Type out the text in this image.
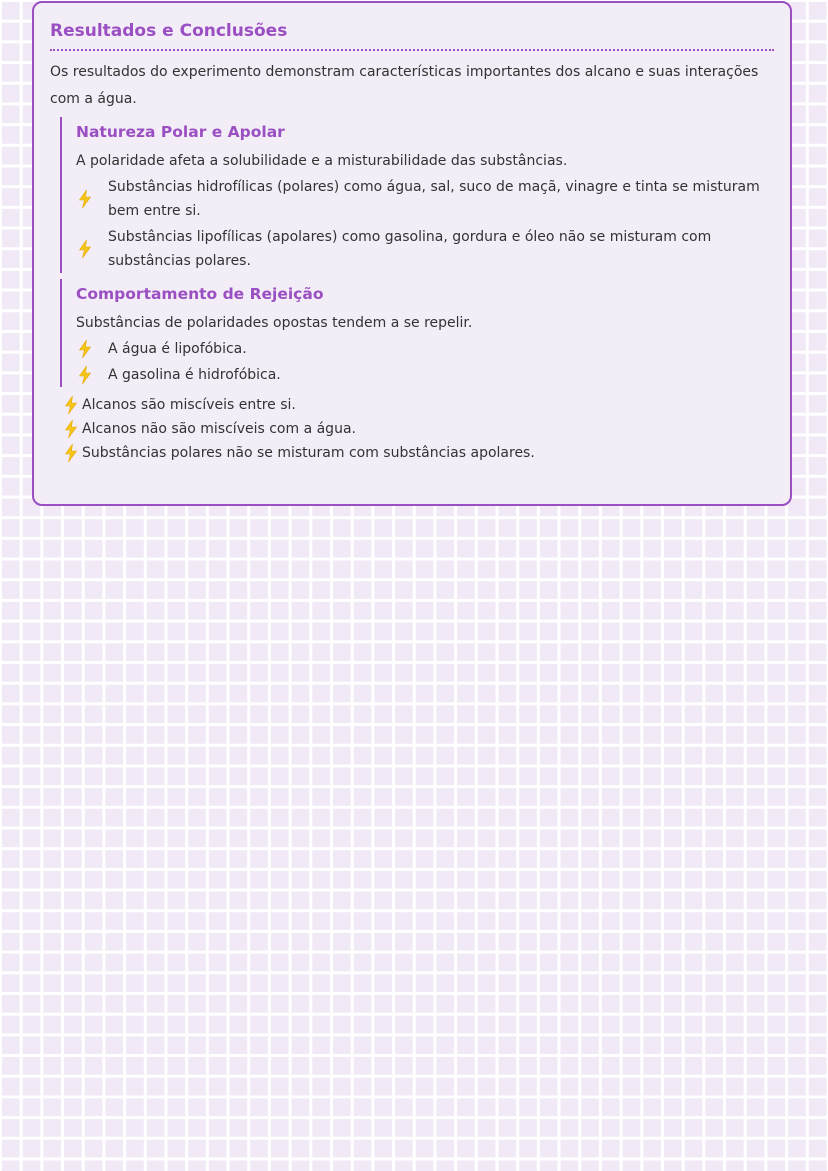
Resultados e Conclusões

Os resultados do experimento demonstram características importantes dos alcano e suas interações com a água.

Natureza Polar e Apolar

A polaridade afeta a solubilidade e a misturabilidade das substâncias.

Substâncias hidrofílicas (polares) como água, sal, suco de maçã, vinagre e tinta se misturam bem entre si.
Substâncias lipofílicas (apolares) como gasolina, gordura e óleo não se misturam com substâncias polares.
Comportamento de Rejeição

Substâncias de polaridades opostas tendem a se repelir.

A água é lipofóbica.
A gasolina é hidrofóbica.
Alcanos são miscíveis entre si.
Alcanos não são miscíveis com a água.
Substâncias polares não se misturam com substâncias apolares.
